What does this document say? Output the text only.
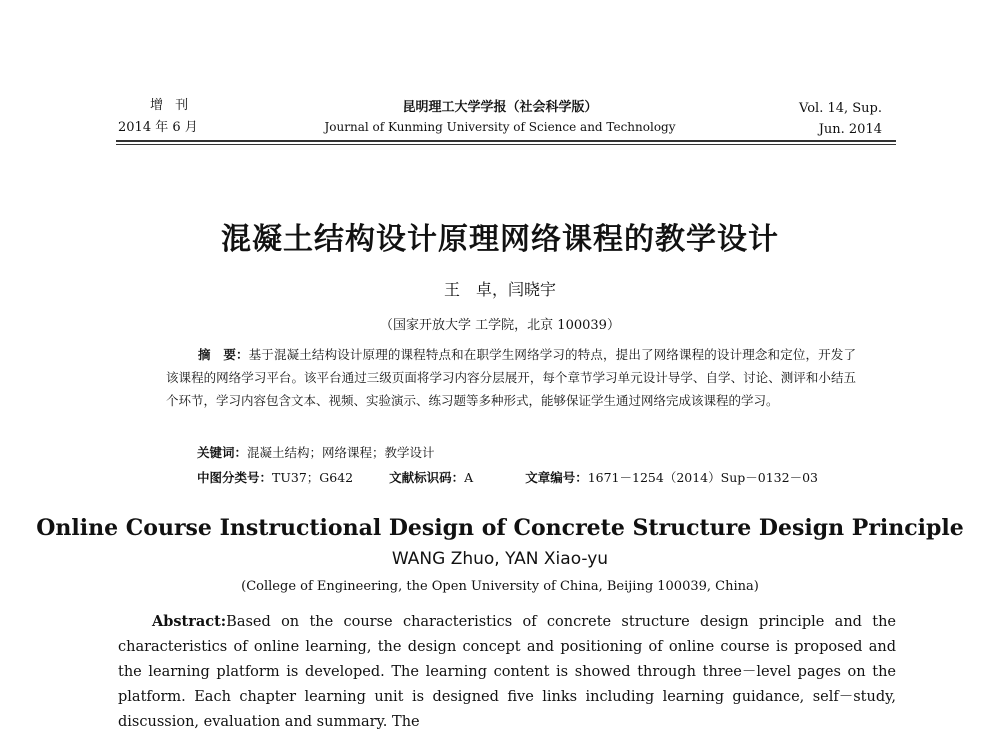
增 刊
2014 年 6 月
昆明理工大学学报（社会科学版）
Journal of Kunming University of Science and Technology
Vol. 14, Sup.
Jun. 2014
混凝土结构设计原理网络课程的教学设计
王　卓，闫晓宇
（国家开放大学 工学院，北京 100039）
摘　要：基于混凝土结构设计原理的课程特点和在职学生网络学习的特点，提出了网络课程的设计理念和定位，开发了该课程的网络学习平台。该平台通过三级页面将学习内容分层展开，每个章节学习单元设计导学、自学、讨论、测评和小结五个环节，学习内容包含文本、视频、实验演示、练习题等多种形式，能够保证学生通过网络完成该课程的学习。
关键词：混凝土结构；网络课程；教学设计
中图分类号：TU37；G642	文献标识码：A	文章编号：1671－1254（2014）Sup－0132－03
Online Course Instructional Design of Concrete Structure Design Principle
WANG Zhuo, YAN Xiao-yu
(College of Engineering, the Open University of China, Beijing 100039, China)
Abstract:Based on the course characteristics of concrete structure design principle and the characteristics of online learning, the design concept and positioning of online course is proposed and the learning platform is developed. The learning content is showed through three－level pages on the platform. Each chapter learning unit is designed five links including learning guidance, self－study, discussion, evaluation and summary. The
